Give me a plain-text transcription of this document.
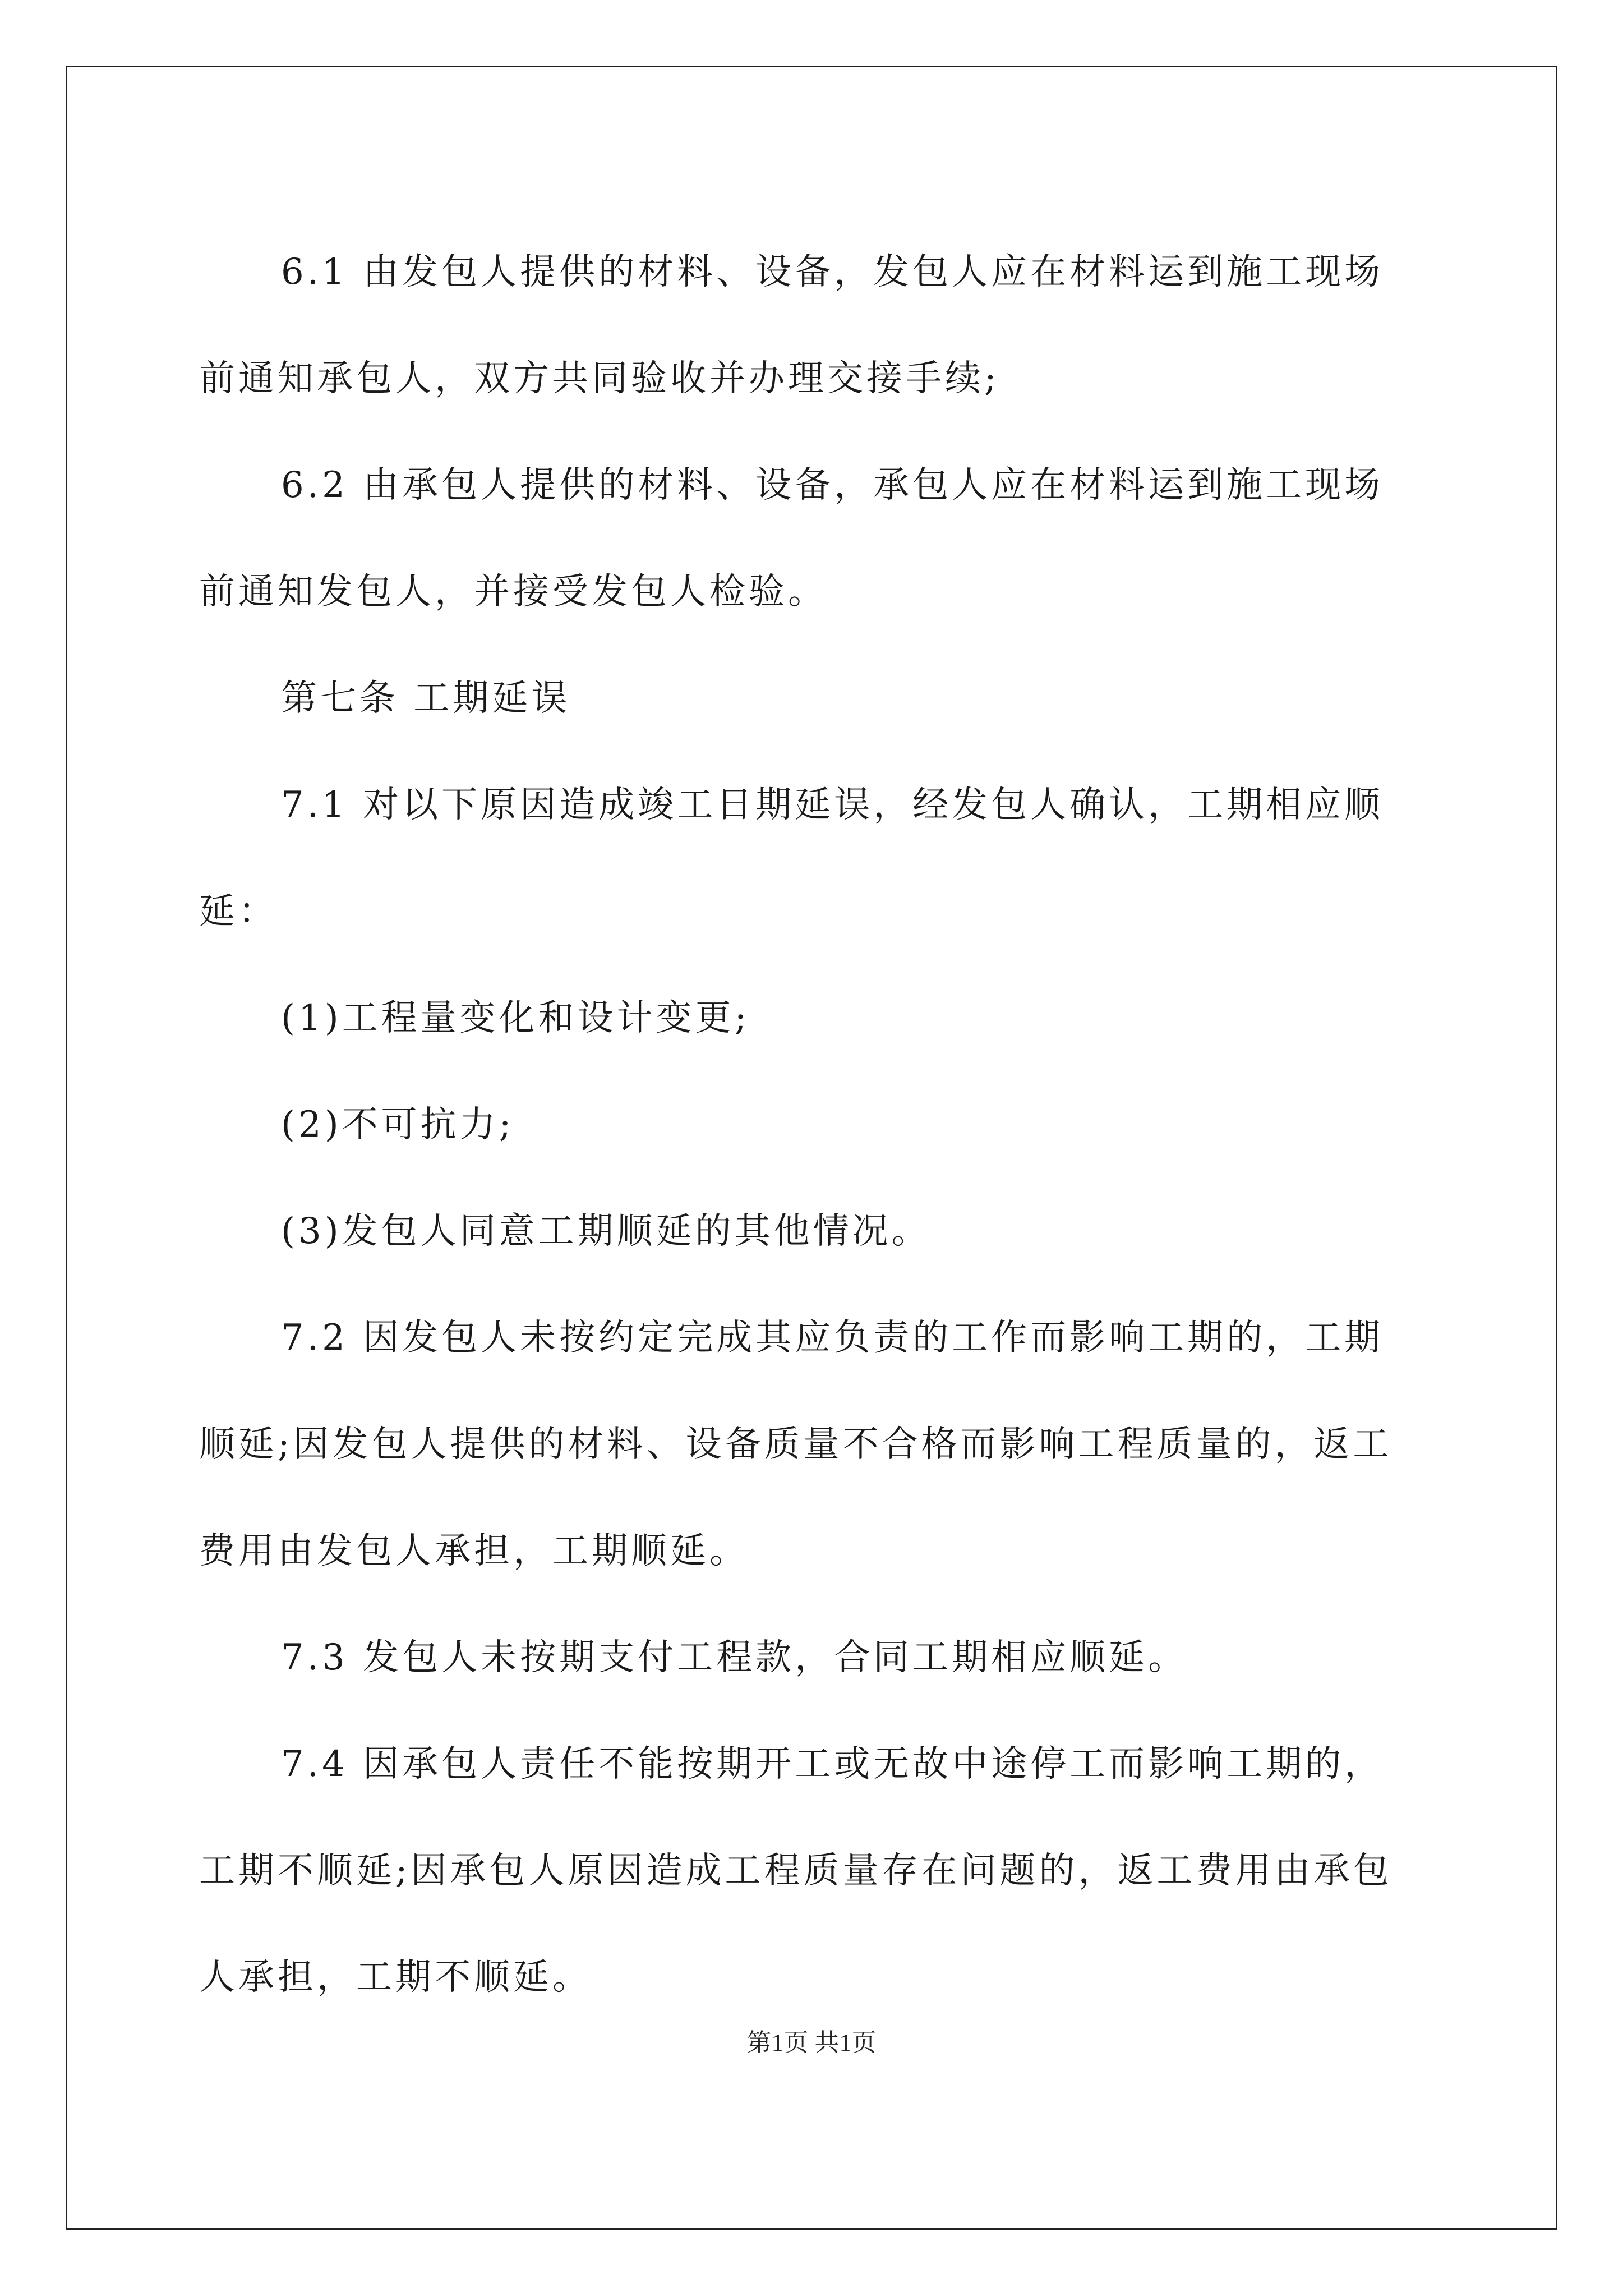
6.1 由发包人提供的材料、设备，发包人应在材料运到施工现场
前通知承包人，双方共同验收并办理交接手续;

6.2 由承包人提供的材料、设备，承包人应在材料运到施工现场
前通知发包人，并接受发包人检验。

第七条 工期延误

7.1 对以下原因造成竣工日期延误，经发包人确认，工期相应顺
延：

(1)工程量变化和设计变更;

(2)不可抗力;

(3)发包人同意工期顺延的其他情况。

7.2 因发包人未按约定完成其应负责的工作而影响工期的，工期
顺延;因发包人提供的材料、设备质量不合格而影响工程质量的，返工
费用由发包人承担，工期顺延。

7.3 发包人未按期支付工程款，合同工期相应顺延。

7.4 因承包人责任不能按期开工或无故中途停工而影响工期的，
工期不顺延;因承包人原因造成工程质量存在问题的，返工费用由承包
人承担，工期不顺延。

第1页 共1页
